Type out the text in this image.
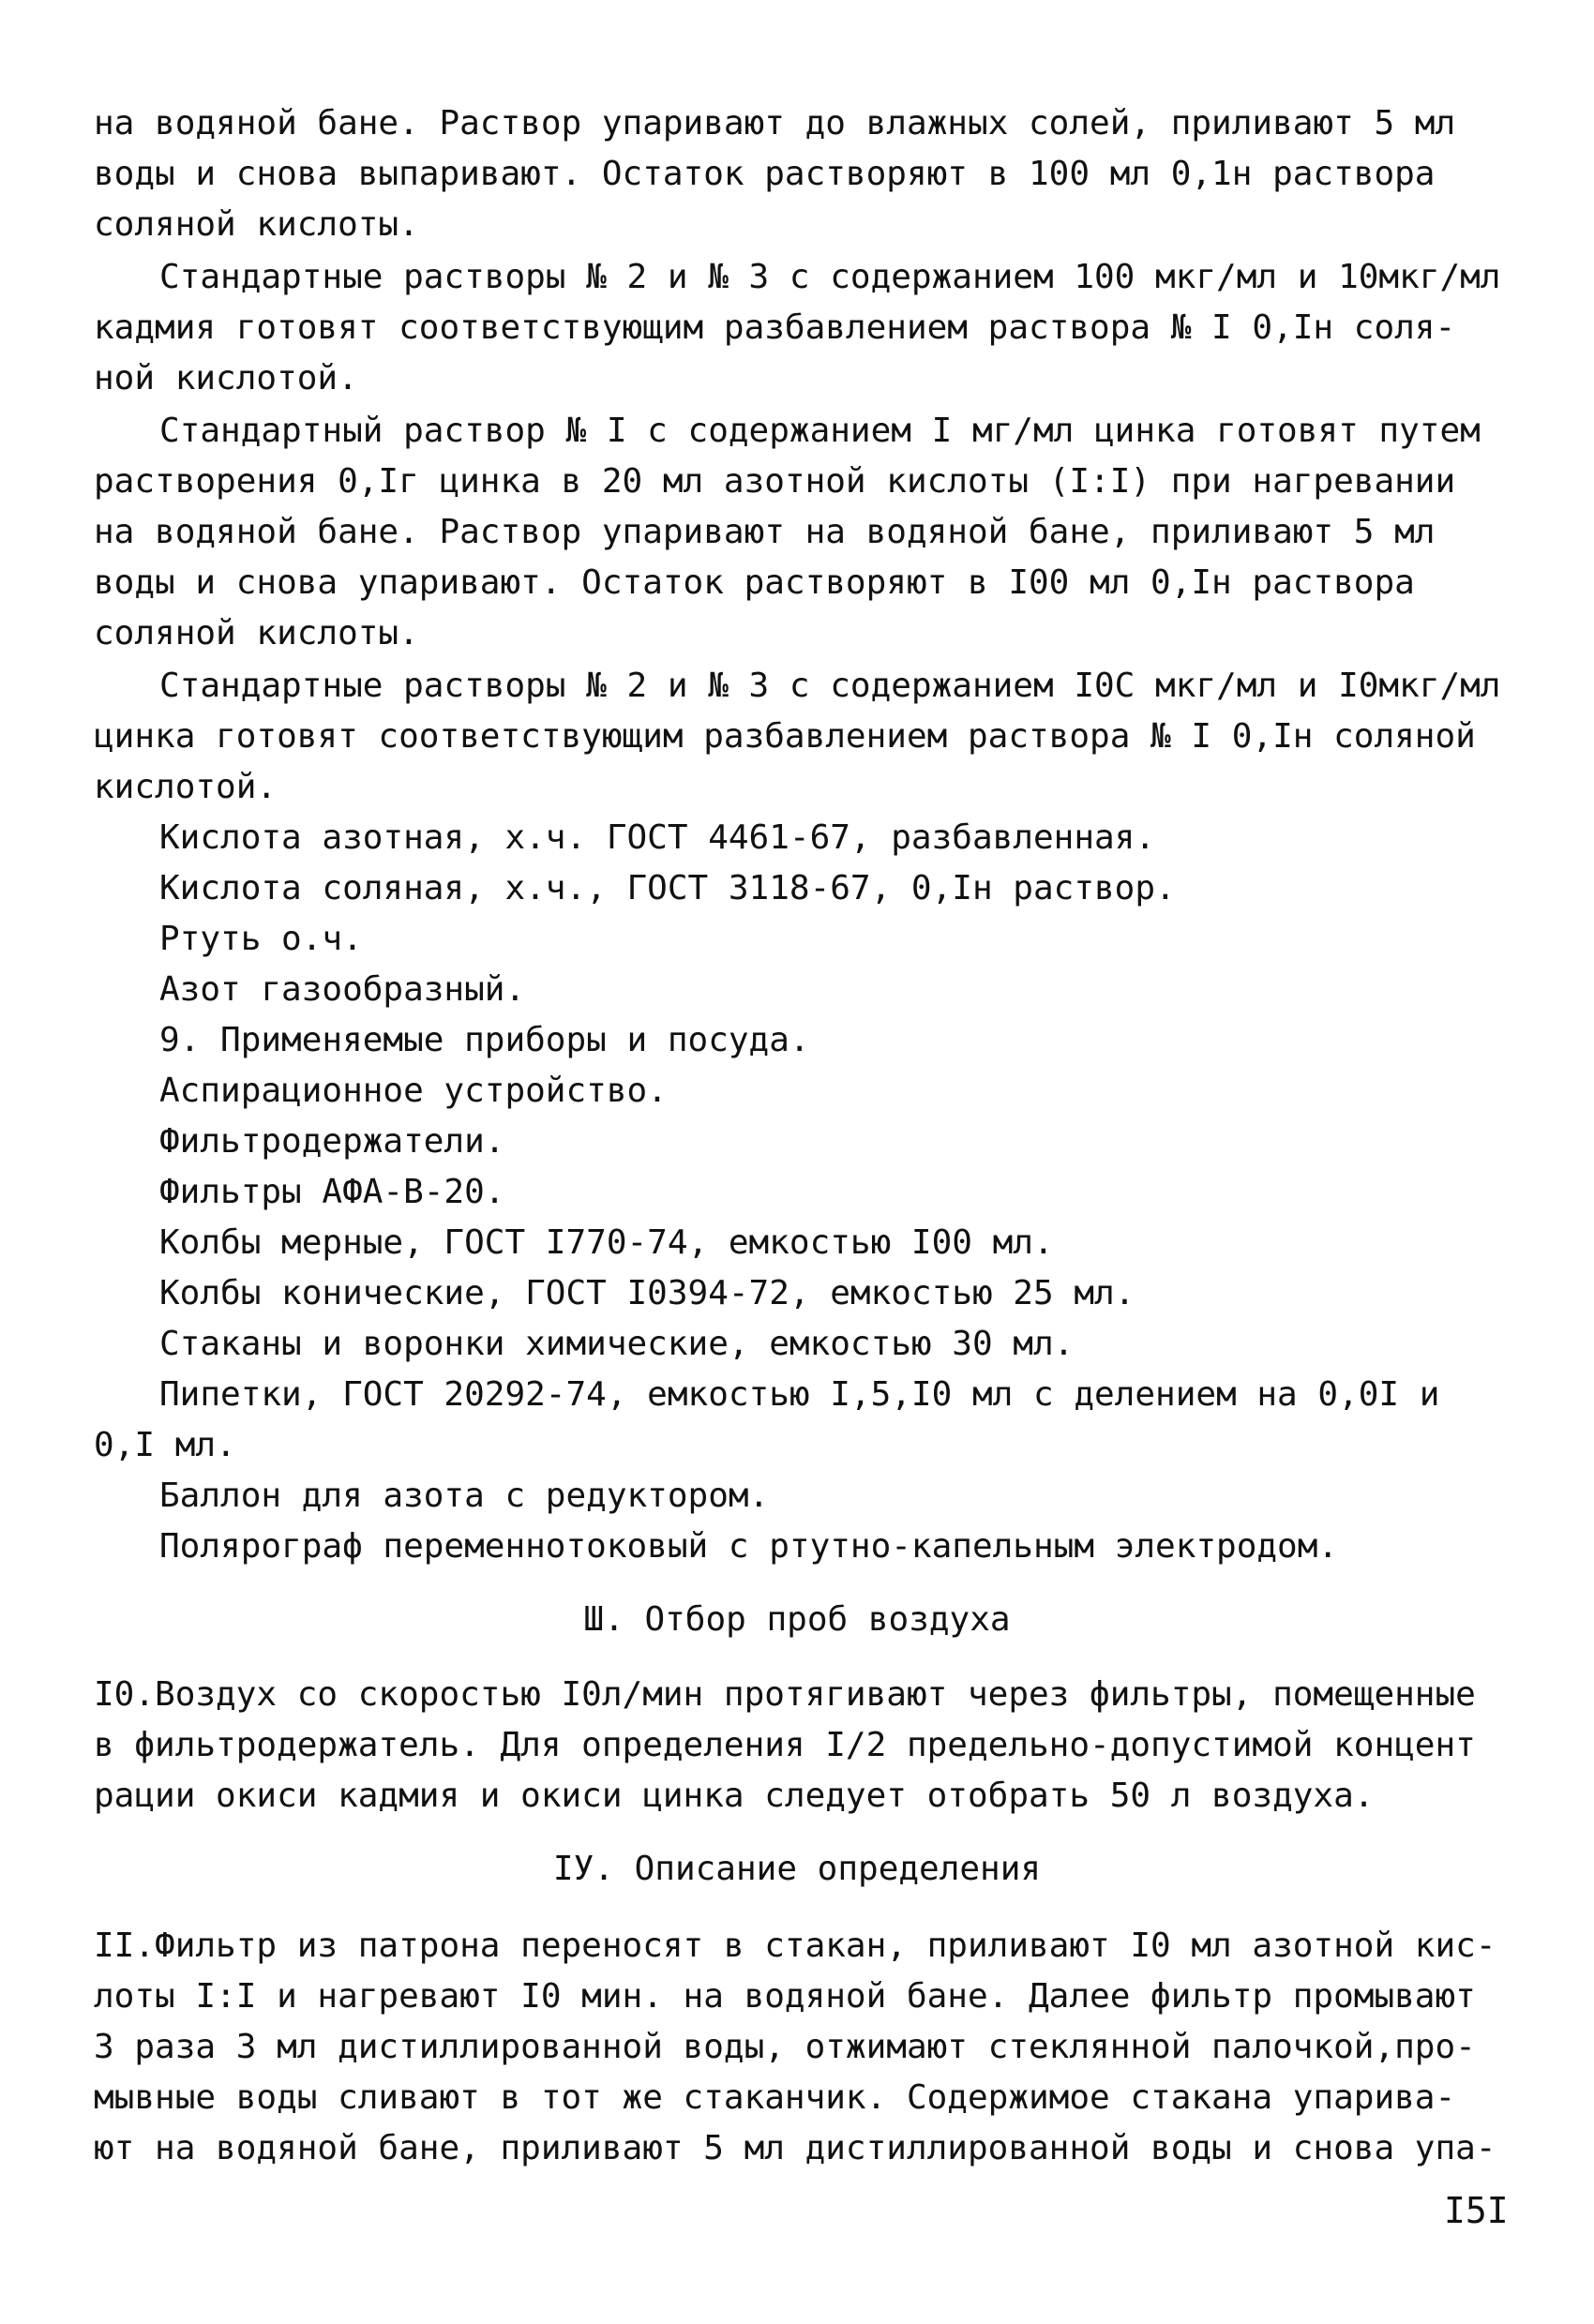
на водяной бане. Раствор упаривают до влажных солей, приливают 5 мл
воды и снова выпаривают. Остаток растворяют в 100 мл 0,1н раствора
соляной кислоты.
Стандартные растворы № 2 и № 3 с содержанием 100 мкг/мл и 10мкг/мл
кадмия готовят соответствующим разбавлением раствора № I 0,Iн соля-
ной кислотой.
Стандартный раствор № I с содержанием I мг/мл цинка готовят путем
растворения 0,Iг цинка в 20 мл азотной кислоты (I:I) при нагревании
на водяной бане. Раствор упаривают на водяной бане, приливают 5 мл
воды и снова упаривают. Остаток растворяют в I00 мл 0,Iн раствора
соляной кислоты.
Стандартные растворы № 2 и № 3 с содержанием I0C мкг/мл и I0мкг/мл
цинка готовят соответствующим разбавлением раствора № I 0,Iн соляной
кислотой.
Кислота азотная, х.ч. ГОСТ 4461-67, разбавленная.
Кислота соляная, х.ч., ГОСТ 3118-67, 0,Iн раствор.
Ртуть о.ч.
Азот газообразный.
9. Применяемые приборы и посуда.
Аспирационное устройство.
Фильтродержатели.
Фильтры АФА-В-20.
Колбы мерные, ГОСТ I770-74, емкостью I00 мл.
Колбы конические, ГОСТ I0394-72, емкостью 25 мл.
Стаканы и воронки химические, емкостью 30 мл.
Пипетки, ГОСТ 20292-74, емкостью I,5,I0 мл с делением на 0,0I и
0,I мл.
Баллон для азота с редуктором.
Полярограф переменнотоковый с ртутно-капельным электродом.
Ш. Отбор проб воздуха
I0.Воздух со скоростью I0л/мин протягивают через фильтры, помещенные
в фильтродержатель. Для определения I/2 предельно-допустимой концент
рации окиси кадмия и окиси цинка следует отобрать 50 л воздуха.
IУ. Описание определения
II.Фильтр из патрона переносят в стакан, приливают I0 мл азотной кис-
лоты I:I и нагревают I0 мин. на водяной бане. Далее фильтр промывают
3 раза 3 мл дистиллированной воды, отжимают стеклянной палочкой,про-
мывные воды сливают в тот же стаканчик. Содержимое стакана упарива-
ют на водяной бане, приливают 5 мл дистиллированной воды и снова упа-
I5I
